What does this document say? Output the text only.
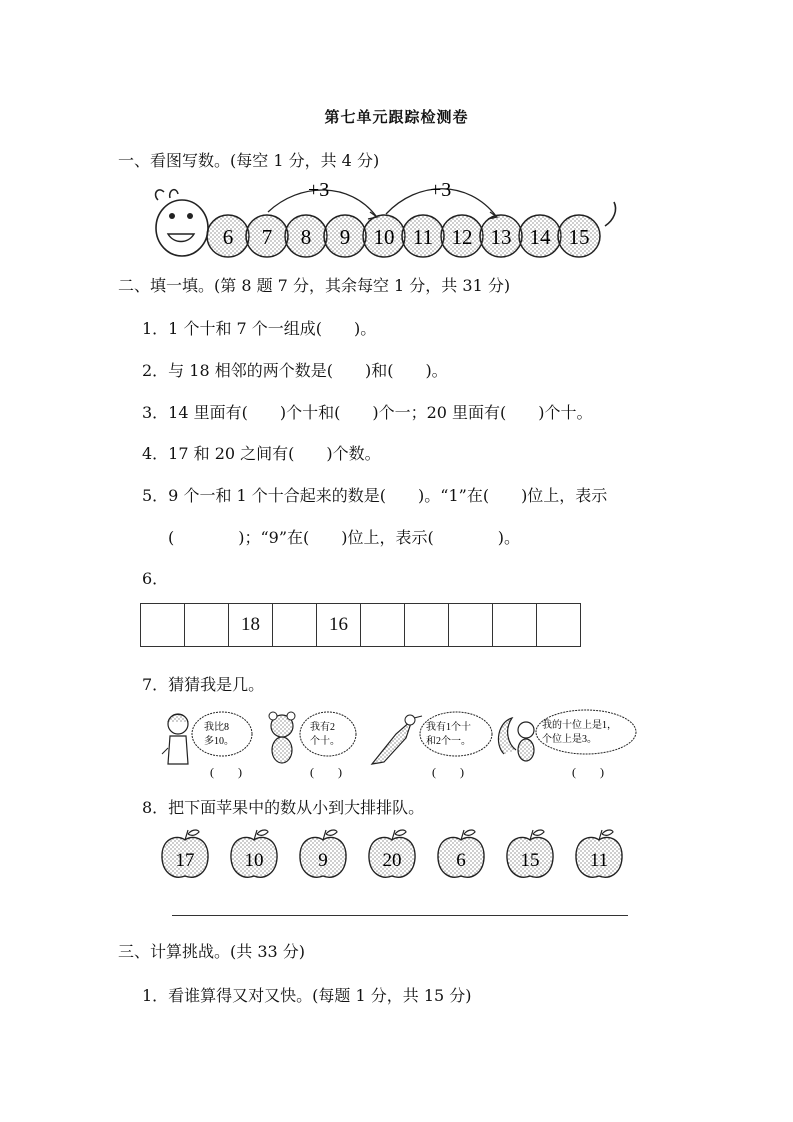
第七单元跟踪检测卷
一、看图写数。(每空 1 分，共 4 分)
6 7 8 9 10 11 12 13 14 15
+3	+3
二、填一填。(第 8 题 7 分，其余每空 1 分，共 31 分)
1．1 个十和 7 个一组成(　　)。
2．与 18 相邻的两个数是(　　)和(　　)。
3．14 里面有(　　)个十和(　　)个一；20 里面有(　　)个十。
4．17 和 20 之间有(　　)个数。
5．9 个一和 1 个十合起来的数是(　　)。“1”在(　　)位上，表示
(　　　　)；“9”在(　　)位上，表示(　　　　)。
6．
		18		16					
7．猜猜我是几。
我比8
多10。
(　　)
我有2
个十。
(　　)
我有1个十
和2个一。
(　　)
我的十位上是1，
个位上是3。
(　　)
8．把下面苹果中的数从小到大排排队。
17	10	9	20	6	15	11
三、计算挑战。(共 33 分)
1．看谁算得又对又快。(每题 1 分，共 15 分)
